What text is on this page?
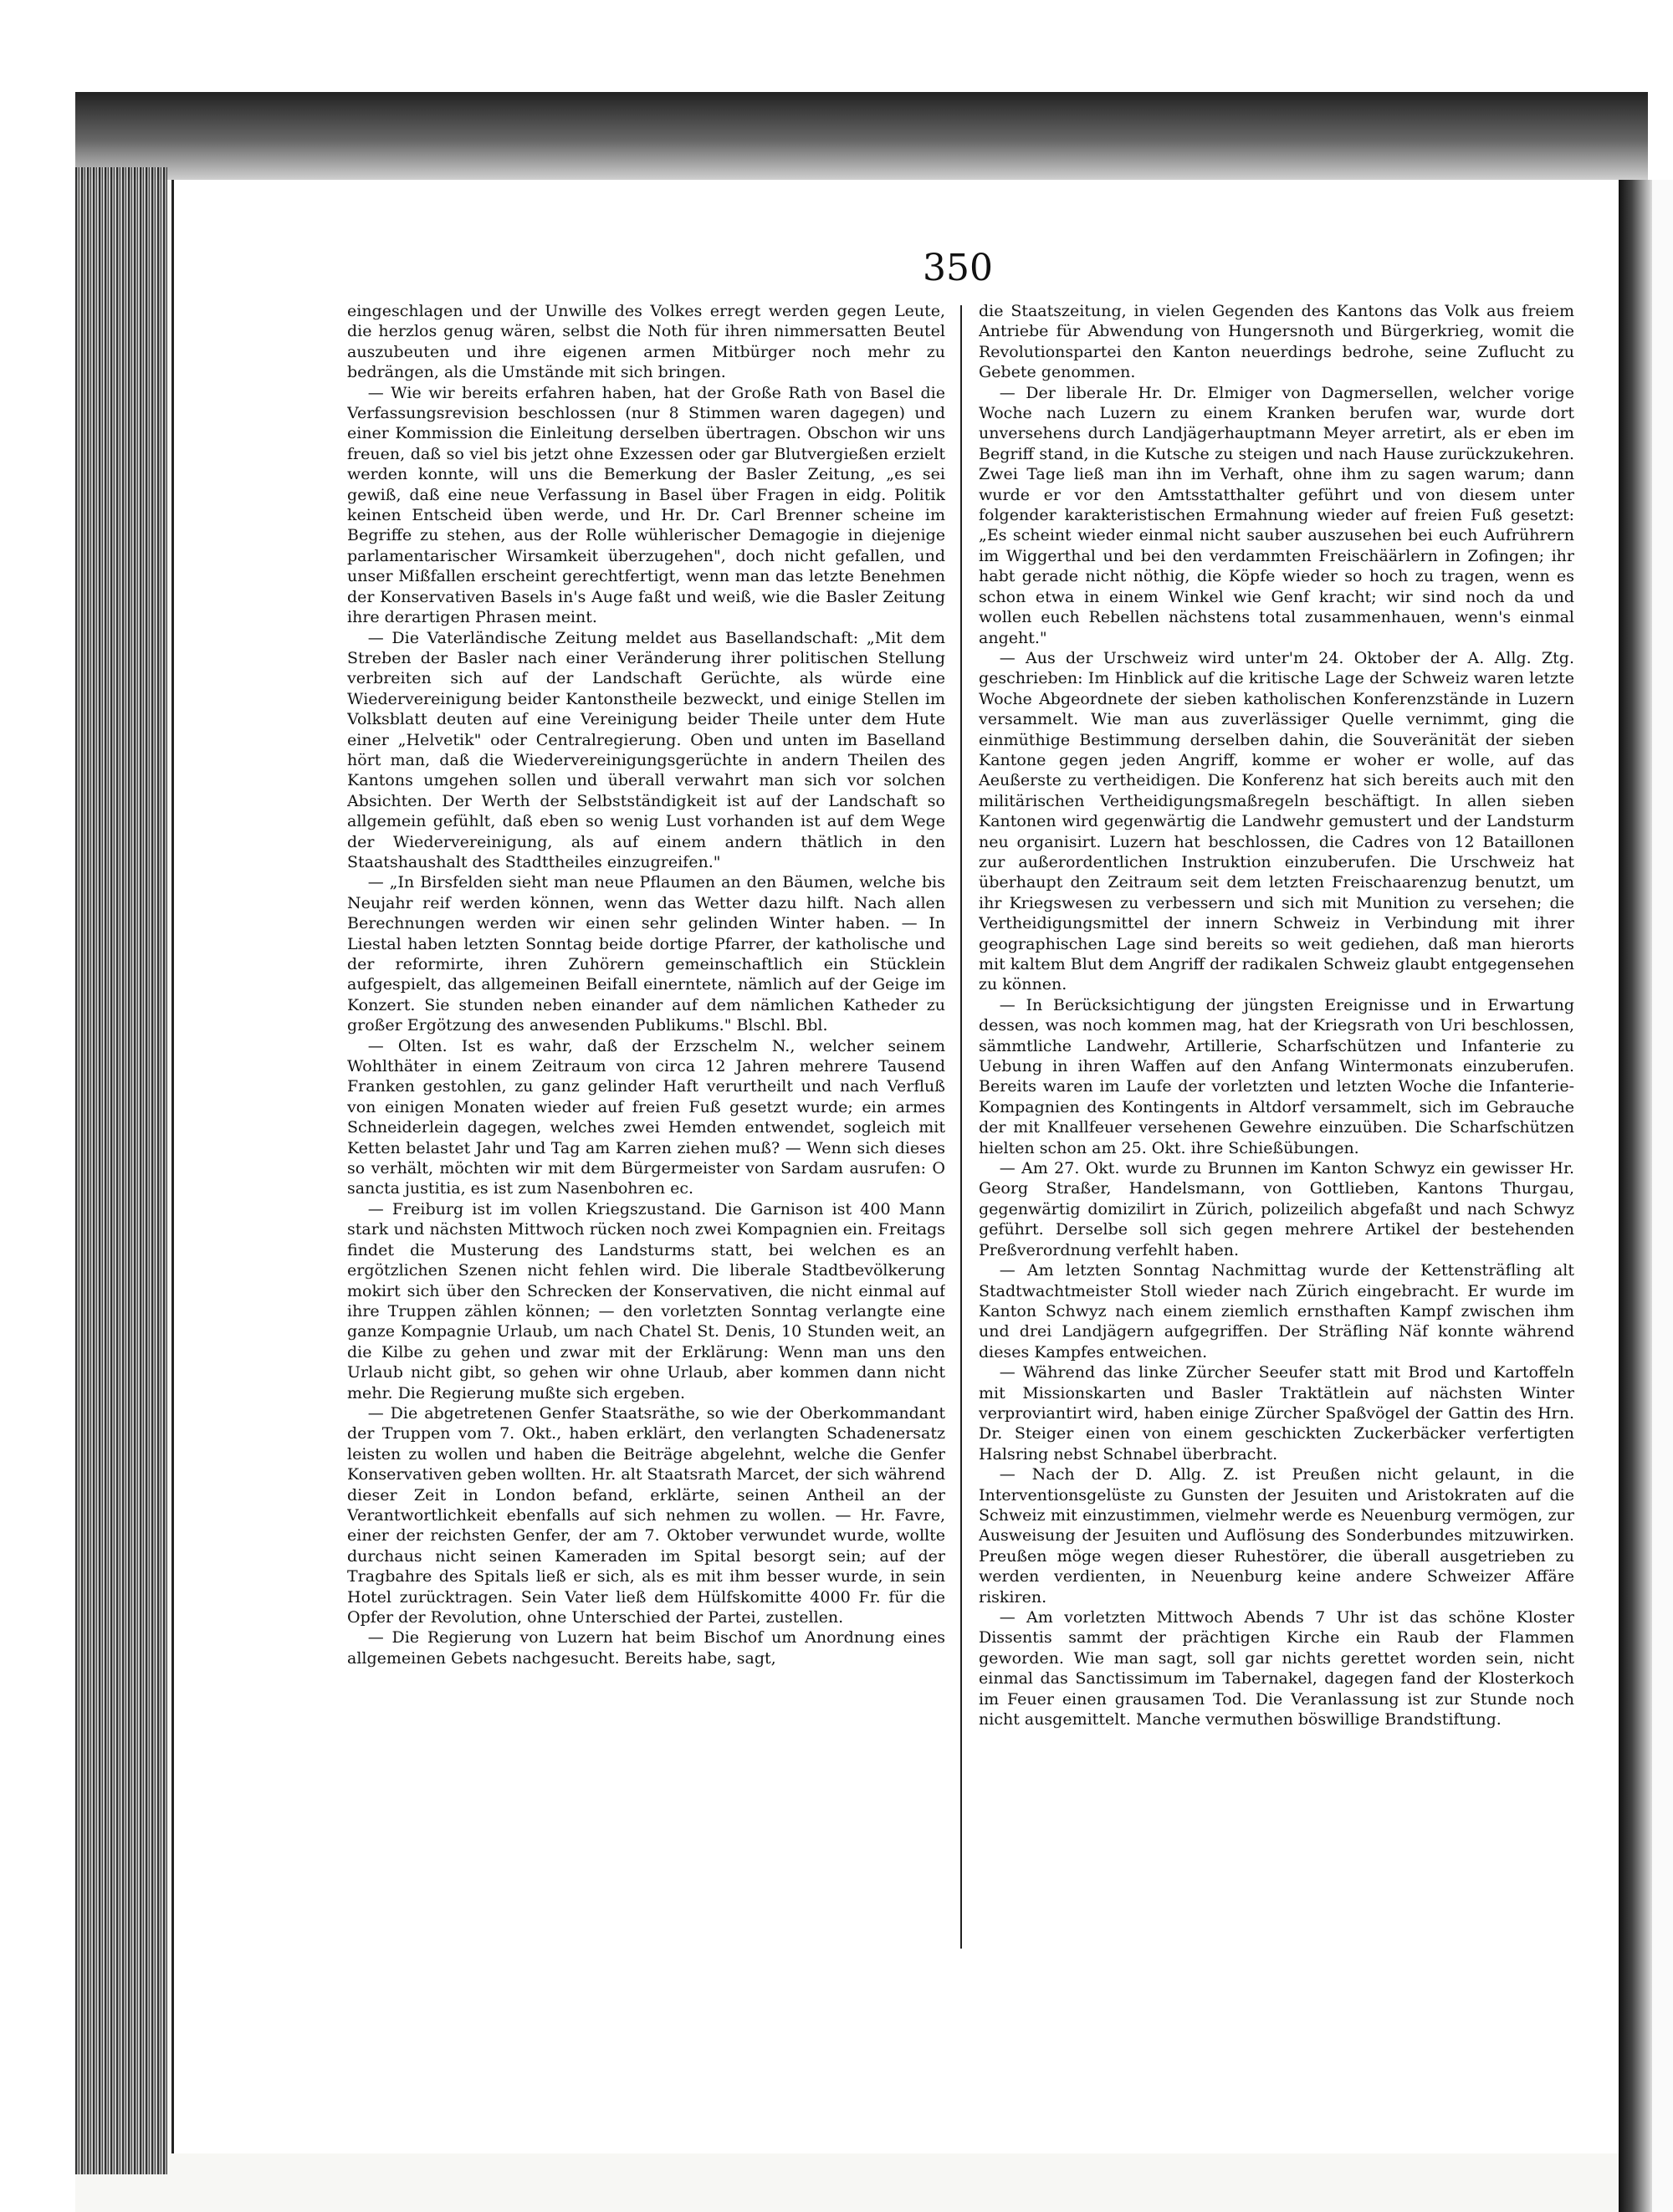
350

eingeschlagen und der Unwille des Volkes erregt werden gegen Leute, die herzlos genug wären, selbst die Noth für ihren nimmersatten Beutel auszubeuten und ihre eigenen armen Mitbürger noch mehr zu bedrängen, als die Umstände mit sich bringen.

— Wie wir bereits erfahren haben, hat der Große Rath von Basel die Verfassungsrevision beschlossen (nur 8 Stimmen waren dagegen) und einer Kommission die Einleitung derselben übertragen. Obschon wir uns freuen, daß so viel bis jetzt ohne Exzessen oder gar Blutvergießen erzielt werden konnte, will uns die Bemerkung der Basler Zeitung, „es sei gewiß, daß eine neue Verfassung in Basel über Fragen in eidg. Politik keinen Entscheid üben werde, und Hr. Dr. Carl Brenner scheine im Begriffe zu stehen, aus der Rolle wühlerischer Demagogie in diejenige parlamentarischer Wirsamkeit überzugehen", doch nicht gefallen, und unser Mißfallen erscheint gerechtfertigt, wenn man das letzte Benehmen der Konservativen Basels in's Auge faßt und weiß, wie die Basler Zeitung ihre derartigen Phrasen meint.

— Die Vaterländische Zeitung meldet aus Basellandschaft: „Mit dem Streben der Basler nach einer Veränderung ihrer politischen Stellung verbreiten sich auf der Landschaft Gerüchte, als würde eine Wiedervereinigung beider Kantonstheile bezweckt, und einige Stellen im Volksblatt deuten auf eine Vereinigung beider Theile unter dem Hute einer „Helvetik" oder Centralregierung. Oben und unten im Baselland hört man, daß die Wiedervereinigungsgerüchte in andern Theilen des Kantons umgehen sollen und überall verwahrt man sich vor solchen Absichten. Der Werth der Selbstständigkeit ist auf der Landschaft so allgemein gefühlt, daß eben so wenig Lust vorhanden ist auf dem Wege der Wiedervereinigung, als auf einem andern thätlich in den Staatshaushalt des Stadttheiles einzugreifen."

— „In Birsfelden sieht man neue Pflaumen an den Bäumen, welche bis Neujahr reif werden können, wenn das Wetter dazu hilft. Nach allen Berechnungen werden wir einen sehr gelinden Winter haben. — In Liestal haben letzten Sonntag beide dortige Pfarrer, der katholische und der reformirte, ihren Zuhörern gemeinschaftlich ein Stücklein aufgespielt, das allgemeinen Beifall einerntete, nämlich auf der Geige im Konzert. Sie stunden neben einander auf dem nämlichen Katheder zu großer Ergötzung des anwesenden Publikums." Blschl. Bbl.

— Olten. Ist es wahr, daß der Erzschelm N., welcher seinem Wohlthäter in einem Zeitraum von circa 12 Jahren mehrere Tausend Franken gestohlen, zu ganz gelinder Haft verurtheilt und nach Verfluß von einigen Monaten wieder auf freien Fuß gesetzt wurde; ein armes Schneiderlein dagegen, welches zwei Hemden entwendet, sogleich mit Ketten belastet Jahr und Tag am Karren ziehen muß? — Wenn sich dieses so verhält, möchten wir mit dem Bürgermeister von Sardam ausrufen: O sancta justitia, es ist zum Nasenbohren ec.

— Freiburg ist im vollen Kriegszustand. Die Garnison ist 400 Mann stark und nächsten Mittwoch rücken noch zwei Kompagnien ein. Freitags findet die Musterung des Landsturms statt, bei welchen es an ergötzlichen Szenen nicht fehlen wird. Die liberale Stadtbevölkerung mokirt sich über den Schrecken der Konservativen, die nicht einmal auf ihre Truppen zählen können; — den vorletzten Sonntag verlangte eine ganze Kompagnie Urlaub, um nach Chatel St. Denis, 10 Stunden weit, an die Kilbe zu gehen und zwar mit der Erklärung: Wenn man uns den Urlaub nicht gibt, so gehen wir ohne Urlaub, aber kommen dann nicht mehr. Die Regierung mußte sich ergeben.

— Die abgetretenen Genfer Staatsräthe, so wie der Oberkommandant der Truppen vom 7. Okt., haben erklärt, den verlangten Schadenersatz leisten zu wollen und haben die Beiträge abgelehnt, welche die Genfer Konservativen geben wollten. Hr. alt Staatsrath Marcet, der sich während dieser Zeit in London befand, erklärte, seinen Antheil an der Verantwortlichkeit ebenfalls auf sich nehmen zu wollen. — Hr. Favre, einer der reichsten Genfer, der am 7. Oktober verwundet wurde, wollte durchaus nicht seinen Kameraden im Spital besorgt sein; auf der Tragbahre des Spitals ließ er sich, als es mit ihm besser wurde, in sein Hotel zurücktragen. Sein Vater ließ dem Hülfskomitte 4000 Fr. für die Opfer der Revolution, ohne Unterschied der Partei, zustellen.

— Die Regierung von Luzern hat beim Bischof um Anordnung eines allgemeinen Gebets nachgesucht. Bereits habe, sagt,

die Staatszeitung, in vielen Gegenden des Kantons das Volk aus freiem Antriebe für Abwendung von Hungersnoth und Bürgerkrieg, womit die Revolutionspartei den Kanton neuerdings bedrohe, seine Zuflucht zu Gebete genommen.

— Der liberale Hr. Dr. Elmiger von Dagmersellen, welcher vorige Woche nach Luzern zu einem Kranken berufen war, wurde dort unversehens durch Landjägerhauptmann Meyer arretirt, als er eben im Begriff stand, in die Kutsche zu steigen und nach Hause zurückzukehren. Zwei Tage ließ man ihn im Verhaft, ohne ihm zu sagen warum; dann wurde er vor den Amtsstatthalter geführt und von diesem unter folgender karakteristischen Ermahnung wieder auf freien Fuß gesetzt: „Es scheint wieder einmal nicht sauber auszusehen bei euch Aufrührern im Wiggerthal und bei den verdammten Freischäärlern in Zofingen; ihr habt gerade nicht nöthig, die Köpfe wieder so hoch zu tragen, wenn es schon etwa in einem Winkel wie Genf kracht; wir sind noch da und wollen euch Rebellen nächstens total zusammenhauen, wenn's einmal angeht."

— Aus der Urschweiz wird unter'm 24. Oktober der A. Allg. Ztg. geschrieben: Im Hinblick auf die kritische Lage der Schweiz waren letzte Woche Abgeordnete der sieben katholischen Konferenzstände in Luzern versammelt. Wie man aus zuverlässiger Quelle vernimmt, ging die einmüthige Bestimmung derselben dahin, die Souveränität der sieben Kantone gegen jeden Angriff, komme er woher er wolle, auf das Aeußerste zu vertheidigen. Die Konferenz hat sich bereits auch mit den militärischen Vertheidigungsmaßregeln beschäftigt. In allen sieben Kantonen wird gegenwärtig die Landwehr gemustert und der Landsturm neu organisirt. Luzern hat beschlossen, die Cadres von 12 Bataillonen zur außerordentlichen Instruktion einzuberufen. Die Urschweiz hat überhaupt den Zeitraum seit dem letzten Freischaarenzug benutzt, um ihr Kriegswesen zu verbessern und sich mit Munition zu versehen; die Vertheidigungsmittel der innern Schweiz in Verbindung mit ihrer geographischen Lage sind bereits so weit gediehen, daß man hierorts mit kaltem Blut dem Angriff der radikalen Schweiz glaubt entgegensehen zu können.

— In Berücksichtigung der jüngsten Ereignisse und in Erwartung dessen, was noch kommen mag, hat der Kriegsrath von Uri beschlossen, sämmtliche Landwehr, Artillerie, Scharfschützen und Infanterie zu Uebung in ihren Waffen auf den Anfang Wintermonats einzuberufen. Bereits waren im Laufe der vorletzten und letzten Woche die Infanterie-Kompagnien des Kontingents in Altdorf versammelt, sich im Gebrauche der mit Knallfeuer versehenen Gewehre einzuüben. Die Scharfschützen hielten schon am 25. Okt. ihre Schießübungen.

— Am 27. Okt. wurde zu Brunnen im Kanton Schwyz ein gewisser Hr. Georg Straßer, Handelsmann, von Gottlieben, Kantons Thurgau, gegenwärtig domizilirt in Zürich, polizeilich abgefaßt und nach Schwyz geführt. Derselbe soll sich gegen mehrere Artikel der bestehenden Preßverordnung verfehlt haben.

— Am letzten Sonntag Nachmittag wurde der Kettensträfling alt Stadtwachtmeister Stoll wieder nach Zürich eingebracht. Er wurde im Kanton Schwyz nach einem ziemlich ernsthaften Kampf zwischen ihm und drei Landjägern aufgegriffen. Der Sträfling Näf konnte während dieses Kampfes entweichen.

— Während das linke Zürcher Seeufer statt mit Brod und Kartoffeln mit Missionskarten und Basler Traktätlein auf nächsten Winter verproviantirt wird, haben einige Zürcher Spaßvögel der Gattin des Hrn. Dr. Steiger einen von einem geschickten Zuckerbäcker verfertigten Halsring nebst Schnabel überbracht.

— Nach der D. Allg. Z. ist Preußen nicht gelaunt, in die Interventionsgelüste zu Gunsten der Jesuiten und Aristokraten auf die Schweiz mit einzustimmen, vielmehr werde es Neuenburg vermögen, zur Ausweisung der Jesuiten und Auflösung des Sonderbundes mitzuwirken. Preußen möge wegen dieser Ruhestörer, die überall ausgetrieben zu werden verdienten, in Neuenburg keine andere Schweizer Affäre riskiren.

— Am vorletzten Mittwoch Abends 7 Uhr ist das schöne Kloster Dissentis sammt der prächtigen Kirche ein Raub der Flammen geworden. Wie man sagt, soll gar nichts gerettet worden sein, nicht einmal das Sanctissimum im Tabernakel, dagegen fand der Klosterkoch im Feuer einen grausamen Tod. Die Veranlassung ist zur Stunde noch nicht ausgemittelt. Manche vermuthen böswillige Brandstiftung.
